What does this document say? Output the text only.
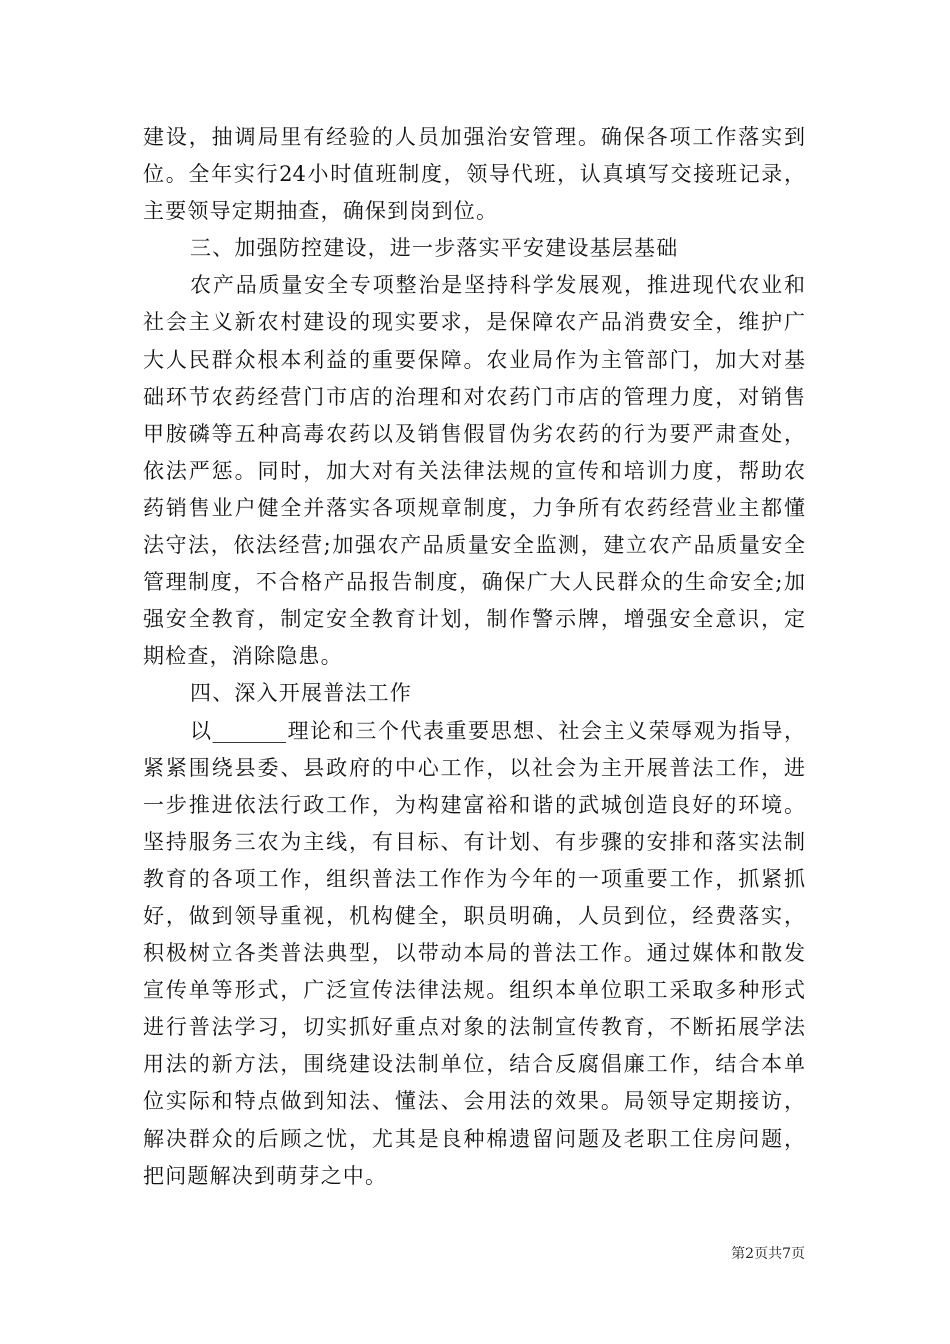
建设，抽调局里有经验的人员加强治安管理。确保各项工作落实到
位。全年实行24小时值班制度，领导代班，认真填写交接班记录，
主要领导定期抽查，确保到岗到位。
三、加强防控建设，进一步落实平安建设基层基础
农产品质量安全专项整治是坚持科学发展观，推进现代农业和
社会主义新农村建设的现实要求，是保障农产品消费安全，维护广
大人民群众根本利益的重要保障。农业局作为主管部门，加大对基
础环节农药经营门市店的治理和对农药门市店的管理力度，对销售
甲胺磷等五种高毒农药以及销售假冒伪劣农药的行为要严肃查处，
依法严惩。同时，加大对有关法律法规的宣传和培训力度，帮助农
药销售业户健全并落实各项规章制度，力争所有农药经营业主都懂
法守法，依法经营;加强农产品质量安全监测，建立农产品质量安全
管理制度，不合格产品报告制度，确保广大人民群众的生命安全;加
强安全教育，制定安全教育计划，制作警示牌，增强安全意识，定
期检查，消除隐患。
四、深入开展普法工作
以_______理论和三个代表重要思想、社会主义荣辱观为指导，
紧紧围绕县委、县政府的中心工作，以社会为主开展普法工作，进
一步推进依法行政工作，为构建富裕和谐的武城创造良好的环境。
坚持服务三农为主线，有目标、有计划、有步骤的安排和落实法制
教育的各项工作，组织普法工作作为今年的一项重要工作，抓紧抓
好，做到领导重视，机构健全，职员明确，人员到位，经费落实，
积极树立各类普法典型，以带动本局的普法工作。通过媒体和散发
宣传单等形式，广泛宣传法律法规。组织本单位职工采取多种形式
进行普法学习，切实抓好重点对象的法制宣传教育，不断拓展学法
用法的新方法，围绕建设法制单位，结合反腐倡廉工作，结合本单
位实际和特点做到知法、懂法、会用法的效果。局领导定期接访，
解决群众的后顾之忧，尤其是良种棉遗留问题及老职工住房问题，
把问题解决到萌芽之中。
第2页共7页
